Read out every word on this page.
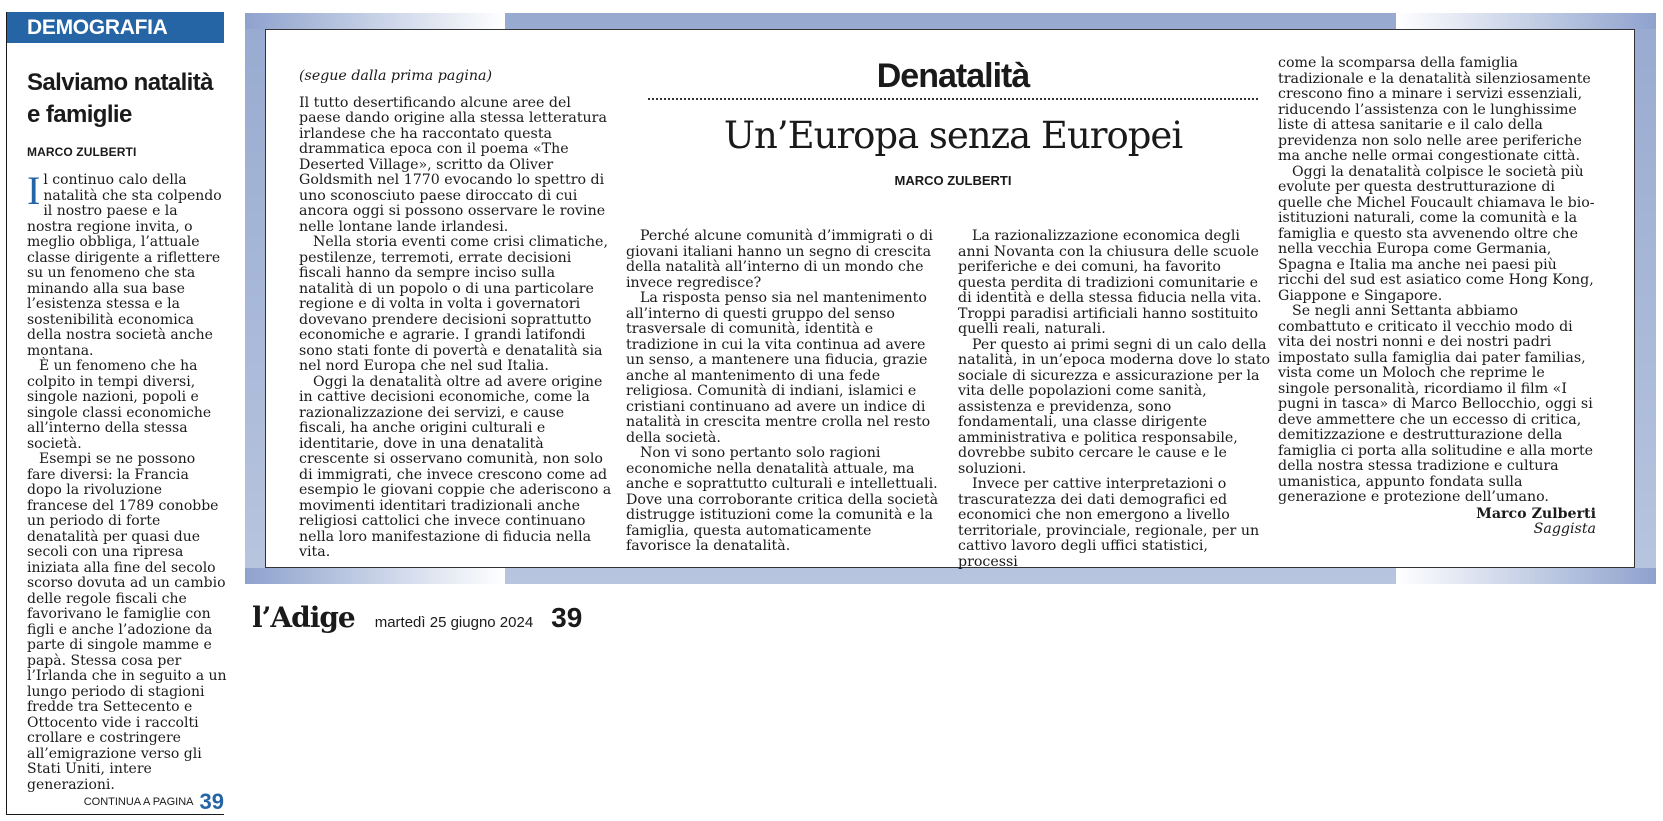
DEMOGRAFIA
Salviamo natalità
e famiglie
MARCO ZULBERTI

Il continuo calo della natalità che sta colpendo il nostro paese e la nostra regione invita, o meglio obbliga, l’attuale classe dirigente a riflettere su un fenomeno che sta minando alla sua base l’esistenza stessa e la sostenibilità economica della nostra società anche montana.

È un fenomeno che ha colpito in tempi diversi, singole nazioni, popoli e singole classi economiche all’interno della stessa società.

Esempi se ne possono fare diversi: la Francia dopo la rivoluzione francese del 1789 conobbe un periodo di forte denatalità per quasi due secoli con una ripresa iniziata alla fine del secolo scorso dovuta ad un cambio delle regole fiscali che favorivano le famiglie con figli e anche l’adozione da parte di singole mamme e papà. Stessa cosa per l’Irlanda che in seguito a un lungo periodo di stagioni fredde tra Settecento e Ottocento vide i raccolti crollare e costringere all’emigrazione verso gli Stati Uniti, intere generazioni.

CONTINUA A PAGINA 39

(segue dalla prima pagina)

Il tutto desertificando alcune aree del paese dando origine alla stessa letteratura irlandese che ha raccontato questa drammatica epoca con il poema «The Deserted Village», scritto da Oliver Goldsmith nel 1770 evocando lo spettro di uno sconosciuto paese diroccato di cui ancora oggi si possono osservare le rovine nelle lontane lande irlandesi.

Nella storia eventi come crisi climatiche, pestilenze, terremoti, errate decisioni fiscali hanno da sempre inciso sulla natalità di un popolo o di una particolare regione e di volta in volta i governatori dovevano prendere decisioni soprattutto economiche e agrarie. I grandi latifondi sono stati fonte di povertà e denatalità sia nel nord Europa che nel sud Italia.

Oggi la denatalità oltre ad avere origine in cattive decisioni economiche, come la razionalizzazione dei servizi, e cause fiscali, ha anche origini culturali e identitarie, dove in una denatalità crescente si osservano comunità, non solo di immigrati, che invece crescono come ad esempio le giovani coppie che aderiscono a movimenti identitari tradizionali anche religiosi cattolici che invece continuano nella loro manifestazione di fiducia nella vita.

Denatalità
Un’Europa senza Europei
MARCO ZULBERTI

Perché alcune comunità d’immigrati o di giovani italiani hanno un segno di crescita della natalità all’interno di un mondo che invece regredisce?

La risposta penso sia nel mantenimento all’interno di questi gruppo del senso trasversale di comunità, identità e tradizione in cui la vita continua ad avere un senso, a mantenere una fiducia, grazie anche al mantenimento di una fede religiosa. Comunità di indiani, islamici e cristiani continuano ad avere un indice di natalità in crescita mentre crolla nel resto della società.

Non vi sono pertanto solo ragioni economiche nella denatalità attuale, ma anche e soprattutto culturali e intellettuali. Dove una corroborante critica della società distrugge istituzioni come la comunità e la famiglia, questa automaticamente favorisce la denatalità.

La razionalizzazione economica degli anni Novanta con la chiusura delle scuole periferiche e dei comuni, ha favorito questa perdita di tradizioni comunitarie e di identità e della stessa fiducia nella vita. Troppi paradisi artificiali hanno sostituito quelli reali, naturali.

Per questo ai primi segni di un calo della natalità, in un’epoca moderna dove lo stato sociale di sicurezza e assicurazione per la vita delle popolazioni come sanità, assistenza e previdenza, sono fondamentali, una classe dirigente amministrativa e politica responsabile, dovrebbe subito cercare le cause e le soluzioni.

Invece per cattive interpretazioni o trascuratezza dei dati demografici ed economici che non emergono a livello territoriale, provinciale, regionale, per un cattivo lavoro degli uffici statistici, processi

come la scomparsa della famiglia tradizionale e la denatalità silenziosamente crescono fino a minare i servizi essenziali, riducendo l’assistenza con le lunghissime liste di attesa sanitarie e il calo della previdenza non solo nelle aree periferiche ma anche nelle ormai congestionate città.

Oggi la denatalità colpisce le società più evolute per questa destrutturazione di quelle che Michel Foucault chiamava le bio-istituzioni naturali, come la comunità e la famiglia e questo sta avvenendo oltre che nella vecchia Europa come Germania, Spagna e Italia ma anche nei paesi più ricchi del sud est asiatico come Hong Kong, Giappone e Singapore.

Se negli anni Settanta abbiamo combattuto e criticato il vecchio modo di vita dei nostri nonni e dei nostri padri impostato sulla famiglia dai pater familias, vista come un Moloch che reprime le singole personalità, ricordiamo il film «I pugni in tasca» di Marco Bellocchio, oggi si deve ammettere che un eccesso di critica, demitizzazione e destrutturazione della famiglia ci porta alla solitudine e alla morte della nostra stessa tradizione e cultura umanistica, appunto fondata sulla generazione e protezione dell’umano.

Marco Zulberti

Saggista

l’Adige martedì 25 giugno 2024 39
